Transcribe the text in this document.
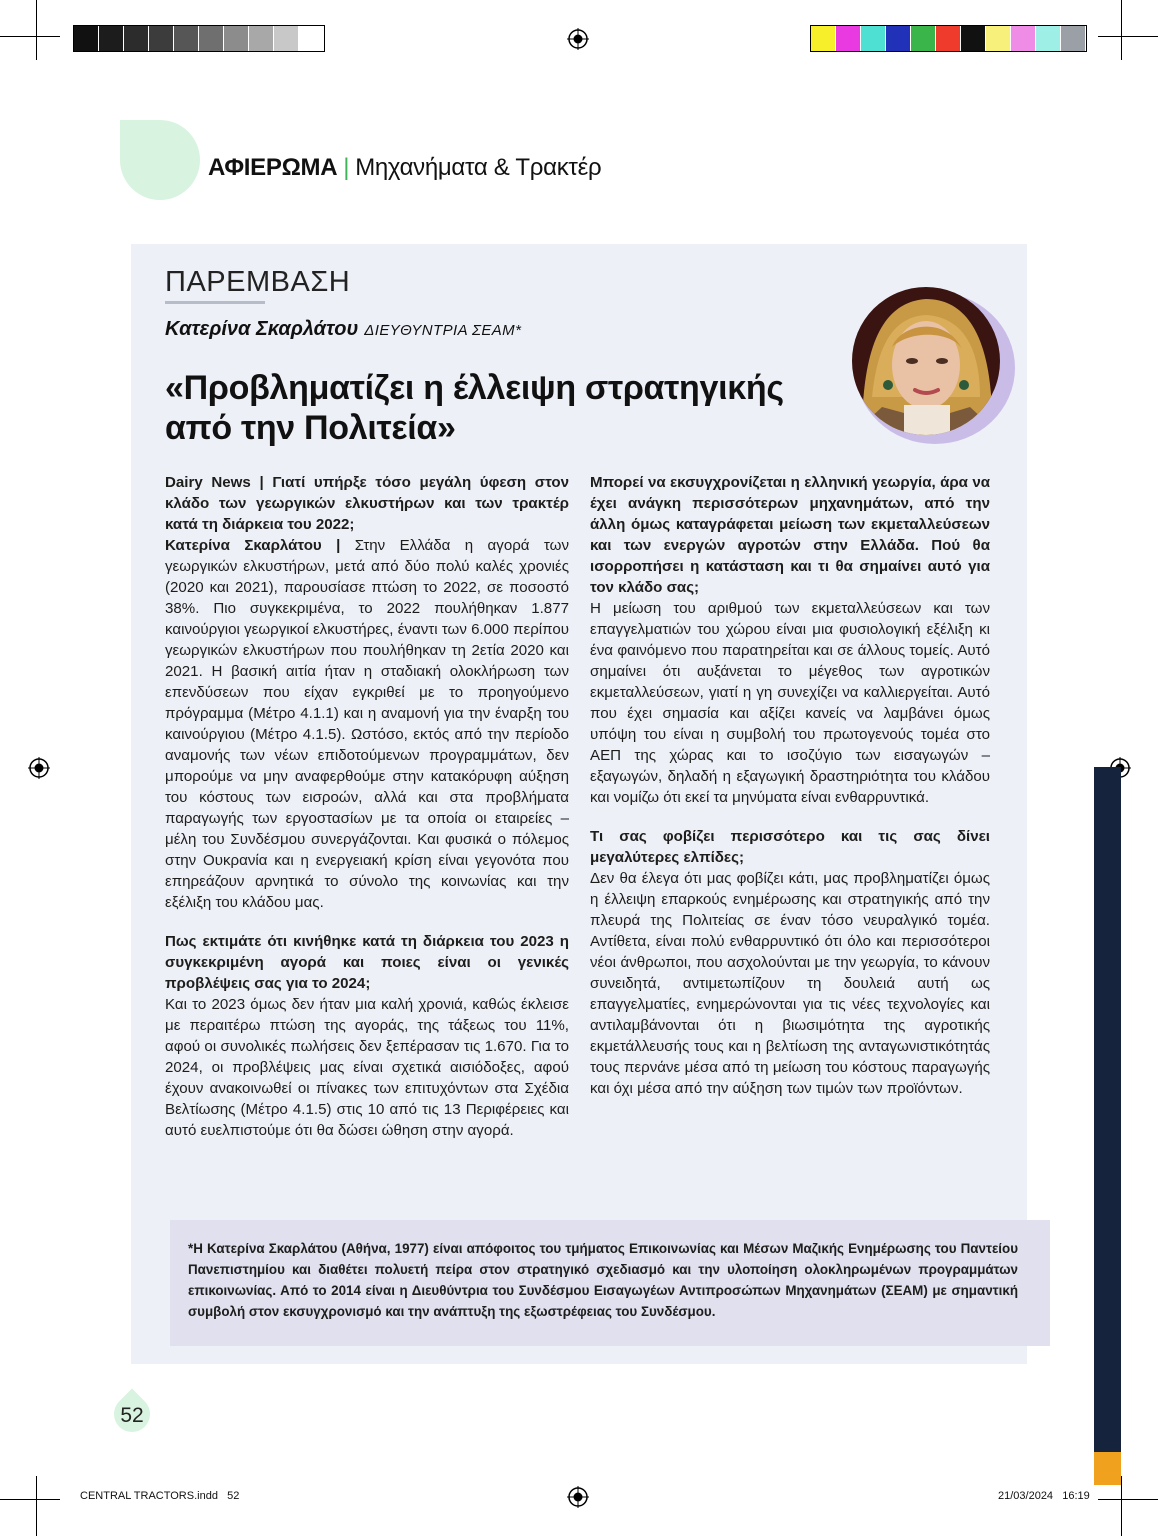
ΑΦΙΕΡΩΜΑ | Μηχανήματα & Τρακτέρ
ΠΑΡΕΜΒΑΣΗ
Κατερίνα Σκαρλάτου ΔΙΕΥΘΥΝΤΡΙΑ ΣΕΑΜ*
«Προβληματίζει η έλλειψη στρατηγικής
από την Πολιτεία»

Dairy News | Γιατί υπήρξε τόσο μεγάλη ύφεση στον κλάδο των γεωργικών ελκυστήρων και των τρακτέρ κατά τη διάρκεια του 2022;

Κατερίνα Σκαρλάτου | Στην Ελλάδα η αγορά των γεωργικών ελκυστήρων, μετά από δύο πολύ καλές χρονιές (2020 και 2021), παρουσίασε πτώση το 2022, σε ποσοστό 38%. Πιο συγκεκριμένα, το 2022 πουλήθηκαν 1.877 καινούργιοι γεωργικοί ελκυστήρες, έναντι των 6.000 περίπου γεωργικών ελκυστήρων που πουλήθηκαν τη 2ετία 2020 και 2021. Η βασική αιτία ήταν η σταδιακή ολοκλήρωση των επενδύσεων που είχαν εγκριθεί με το προηγούμενο πρόγραμμα (Μέτρο 4.1.1) και η αναμονή για την έναρξη του καινούργιου (Μέτρο 4.1.5). Ωστόσο, εκτός από την περίοδο αναμονής των νέων επιδοτούμενων προγραμμάτων, δεν μπορούμε να μην αναφερθούμε στην κατακόρυφη αύξηση του κόστους των εισροών, αλλά και στα προβλήματα παραγωγής των εργοστασίων με τα οποία οι εταιρείες – μέλη του Συνδέσμου συνεργάζονται. Και φυσικά ο πόλεμος στην Ουκρανία και η ενεργειακή κρίση είναι γεγονότα που επηρεάζουν αρνητικά το σύνολο της κοινωνίας και την εξέλιξη του κλάδου μας.

Πως εκτιμάτε ότι κινήθηκε κατά τη διάρκεια του 2023 η συγκεκριμένη αγορά και ποιες είναι οι γενικές προβλέψεις σας για το 2024;

Και το 2023 όμως δεν ήταν μια καλή χρονιά, καθώς έκλεισε με περαιτέρω πτώση της αγοράς, της τάξεως του 11%, αφού οι συνολικές πωλήσεις δεν ξεπέρασαν τις 1.670. Για το 2024, οι προβλέψεις μας είναι σχετικά αισιόδοξες, αφού έχουν ανακοινωθεί οι πίνακες των επιτυχόντων στα Σχέδια Βελτίωσης (Μέτρο 4.1.5) στις 10 από τις 13 Περιφέρειες και αυτό ευελπιστούμε ότι θα δώσει ώθηση στην αγορά.

Μπορεί να εκσυγχρονίζεται η ελληνική γεωργία, άρα να έχει ανάγκη περισσότερων μηχανημάτων, από την άλλη όμως καταγράφεται μείωση των εκμεταλλεύσεων και των ενεργών αγροτών στην Ελλάδα. Πού θα ισορροπήσει η κατάσταση και τι θα σημαίνει αυτό για τον κλάδο σας;

Η μείωση του αριθμού των εκμεταλλεύσεων και των επαγγελματιών του χώρου είναι μια φυσιολογική εξέλιξη κι ένα φαινόμενο που παρατηρείται και σε άλλους τομείς. Αυτό σημαίνει ότι αυξάνεται το μέγεθος των αγροτικών εκμεταλλεύσεων, γιατί η γη συνεχίζει να καλλιεργείται. Αυτό που έχει σημασία και αξίζει κανείς να λαμβάνει όμως υπόψη του είναι η συμβολή του πρωτογενούς τομέα στο ΑΕΠ της χώρας και το ισοζύγιο των εισαγωγών – εξαγωγών, δηλαδή η εξαγωγική δραστηριότητα του κλάδου και νομίζω ότι εκεί τα μηνύματα είναι ενθαρρυντικά.

Τι σας φοβίζει περισσότερο και τις σας δίνει μεγαλύτερες ελπίδες;

Δεν θα έλεγα ότι μας φοβίζει κάτι, μας προβληματίζει όμως η έλλειψη επαρκούς ενημέρωσης και στρατηγικής από την πλευρά της Πολιτείας σε έναν τόσο νευραλγικό τομέα. Αντίθετα, είναι πολύ ενθαρρυντικό ότι όλο και περισσότεροι νέοι άνθρωποι, που ασχολούνται με την γεωργία, το κάνουν συνειδητά, αντιμετωπίζουν τη δουλειά αυτή ως επαγγελματίες, ενημερώνονται για τις νέες τεχνολογίες και αντιλαμβάνονται ότι η βιωσιμότητα της αγροτικής εκμετάλλευσής τους και η βελτίωση της ανταγωνιστικότητάς τους περνάνε μέσα από τη μείωση του κόστους παραγωγής και όχι μέσα από την αύξηση των τιμών των προϊόντων.

*Η Κατερίνα Σκαρλάτου (Αθήνα, 1977) είναι απόφοιτος του τμήματος Επικοινωνίας και Μέσων Μαζικής Ενημέρωσης του Παντείου Πανεπιστημίου και διαθέτει πολυετή πείρα στον στρατηγικό σχεδιασμό και την υλοποίηση ολοκληρωμένων προγραμμάτων επικοινωνίας. Από το 2014 είναι η Διευθύντρια του Συνδέσμου Εισαγωγέων Αντιπροσώπων Μηχανημάτων (ΣΕΑΜ) με σημαντική συμβολή στον εκσυγχρονισμό και την ανάπτυξη της εξωστρέφειας του Συνδέσμου.
52
CENTRAL TRACTORS.indd   52	21/03/2024   16:19
